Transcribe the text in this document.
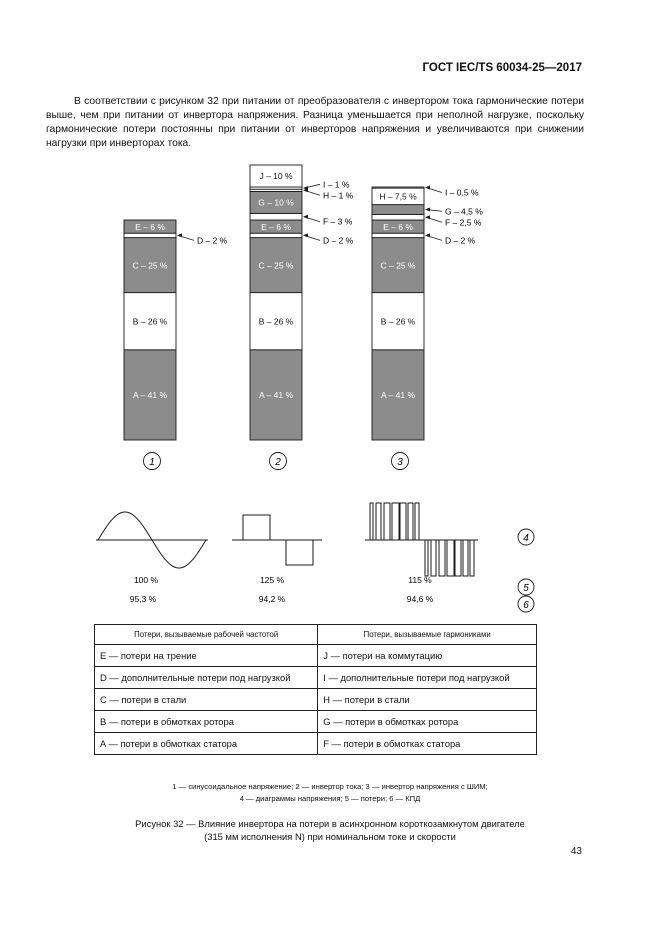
ГОСТ IEC/TS 60034-25—2017

В соответствии с рисунком 32 при питании от преобразователя с инвертором тока гармонические потери выше, чем при питании от инвертора напряжения. Разница уменьшается при неполной нагрузке, поскольку гармонические потери постоянны при питании от инверторов напряжения и увеличиваются при снижении нагрузки при инверторах тока.

A – 41 %
B – 26 %
C – 25 %
E – 6 %
A – 41 %
B – 26 %
C – 25 %
E – 6 %
G – 10 %
J – 10 %
A – 41 %
B – 26 %
C – 25 %
E – 6 %
H – 7,5 %
D – 2 %	D – 2 %
F – 3 %
H – 1 %
I – 1 %
D – 2 %
F – 2,5 %
G – 4,5 %
I – 0,5 %
1	2	3
100 %	125 %	115 %
95,3 %	94,2 %	94,6 %
4
5
6
Потери, вызываемые рабочей частотой	Потери, вызываемые гармониками
E — потери на трение	J — потери на коммутацию
D — дополнительные потери под нагрузкой	I — дополнительные потери под нагрузкой
C — потери в стали	H — потери в стали
B — потери в обмотках ротора	G — потери в обмотках ротора
A — потери в обмотках статора	F — потери в обмотках статора
1 — синусоидальное напряжение; 2 — инвертор тока; 3 — инвертор напряжения с ШИМ;
4 — диаграммы напряжения; 5 — потери; 6 — КПД
Рисунок 32 — Влияние инвертора на потери в асинхронном короткозамкнутом двигателе
(315 мм исполнения N) при номинальном токе и скорости
43
